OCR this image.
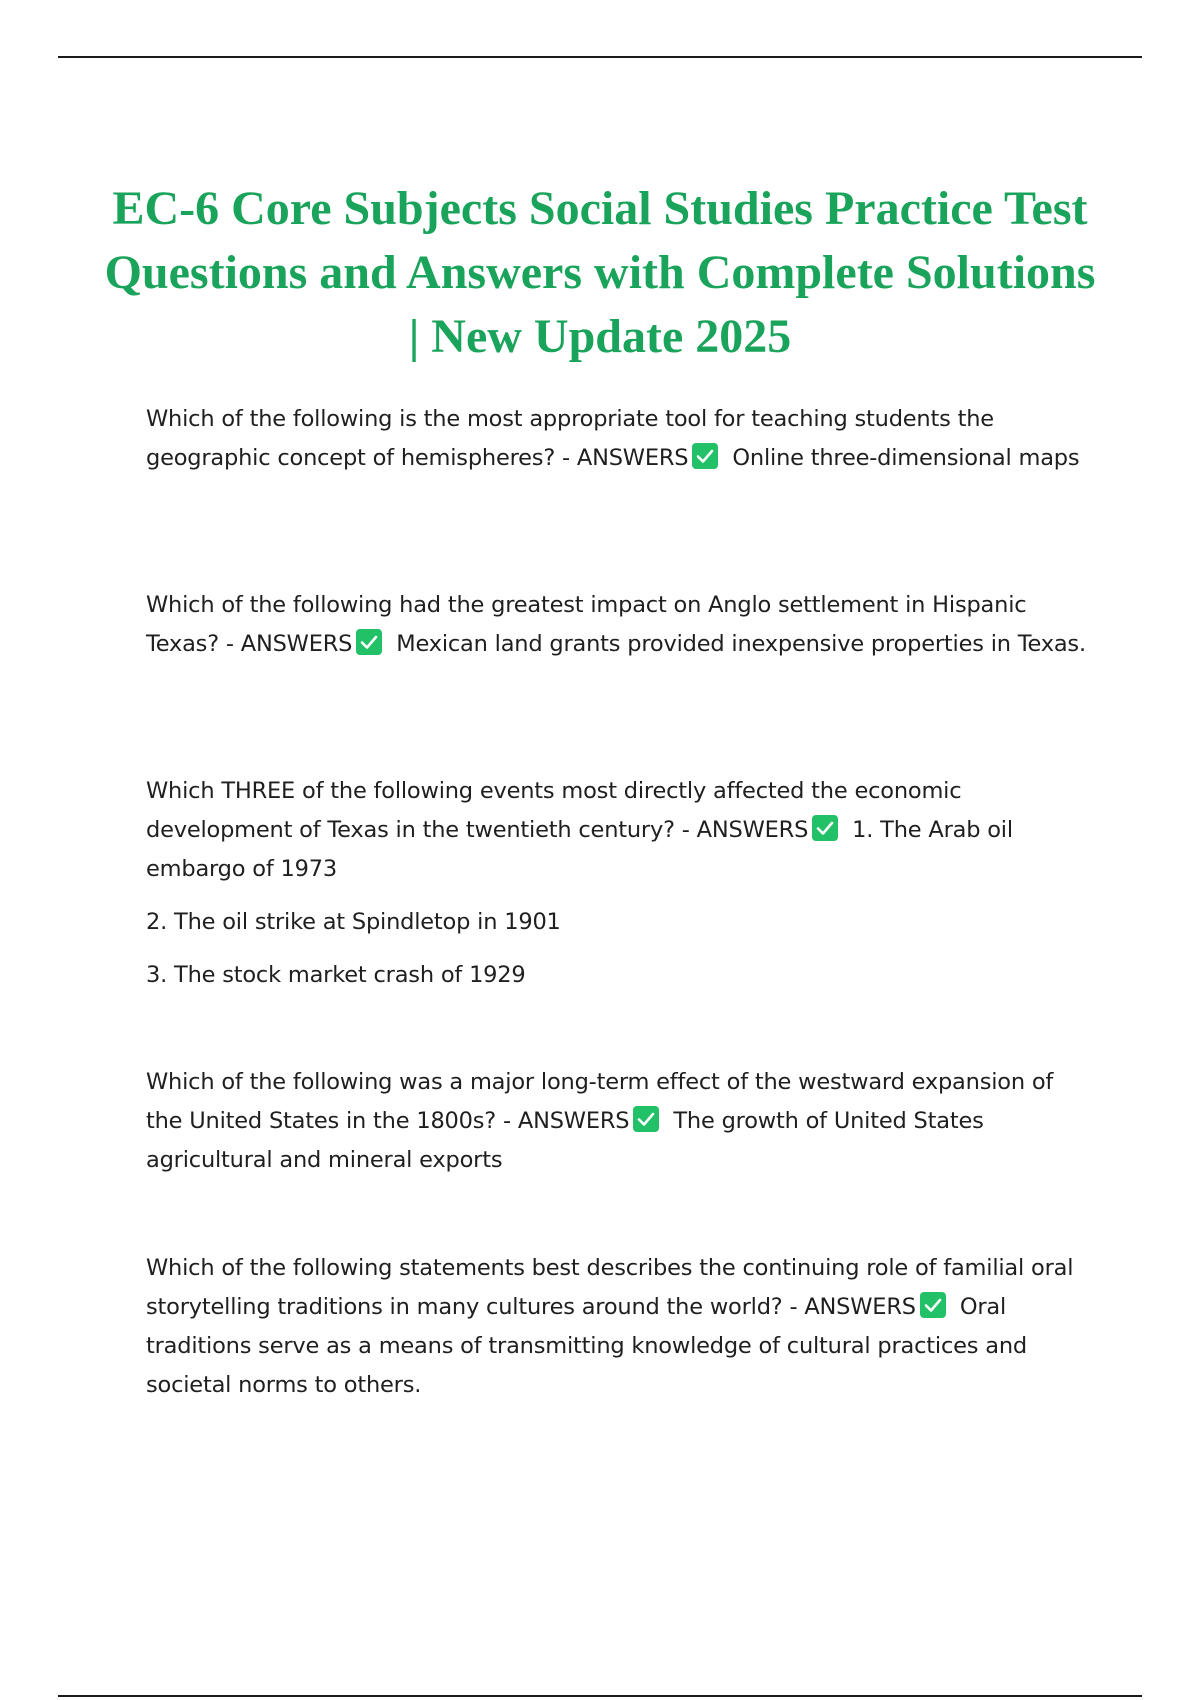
EC-6 Core Subjects Social Studies Practice Test Questions and Answers with Complete Solutions | New Update 2025

Which of the following is the most appropriate tool for teaching students the geographic concept of hemispheres? - ANSWERS Online three-dimensional maps

Which of the following had the greatest impact on Anglo settlement in Hispanic Texas? - ANSWERS Mexican land grants provided inexpensive properties in Texas.

Which THREE of the following events most directly affected the economic development of Texas in the twentieth century? - ANSWERS 1. The Arab oil embargo of 1973

2. The oil strike at Spindletop in 1901

3. The stock market crash of 1929

Which of the following was a major long-term effect of the westward expansion of the United States in the 1800s? - ANSWERS The growth of United States agricultural and mineral exports

Which of the following statements best describes the continuing role of familial oral storytelling traditions in many cultures around the world? - ANSWERS Oral traditions serve as a means of transmitting knowledge of cultural practices and societal norms to others.
